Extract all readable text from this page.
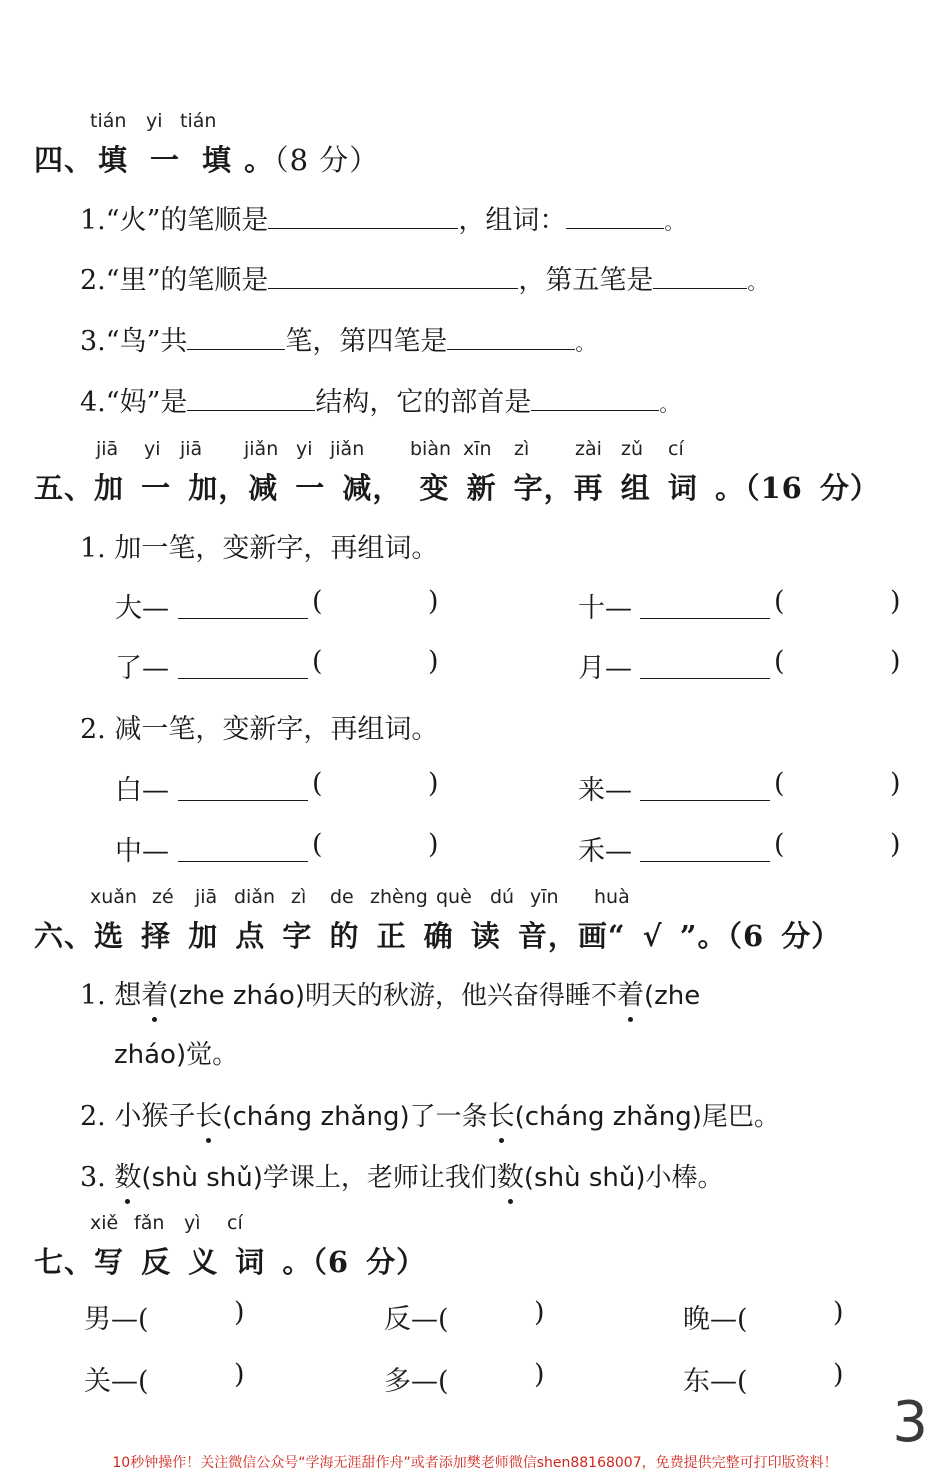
tián yi tián
四、 填 一 填 。（8 分）
1.“火”的笔顺是	，组词：	。
2.“里”的笔顺是	，第五笔是	。
3.“鸟”共	笔，第四笔是	。
4.“妈”是	结构，它的部首是	。
jiā yi jiā jiǎn yi jiǎn biàn xīn zì zài zǔ cí
五、加 一 加，减 一 减， 变 新 字，再 组 词 。（16 分）
1. 加一笔，变新字，再组词。
大—	(	)	十—	(	)
了—	(	)	月—	(	)
2. 减一笔，变新字，再组词。
白—	(	)	来—	(	)
中—	(	)	禾—	(	)
xuǎn zé jiā diǎn zì de zhèng què dú yīn huà
六、选 择 加 点 字 的 正 确 读 音，画“ √ ”。（6 分）
1. 想着(zhe zháo)明天的秋游，他兴奋得睡不着(zhe
zháo)觉。
2. 小猴子长(cháng zhǎng)了一条长(cháng zhǎng)尾巴。
3. 数(shù shǔ)学课上，老师让我们数(shù shǔ)小棒。
xiě fǎn yì cí
七、写 反 义 词 。（6 分）
男—(	)	反—(	)	晚—(	)
关—(	)	多—(	)	东—(	)
3
10秒钟操作！关注微信公众号“学海无涯甜作舟”或者添加樊老师微信shen88168007，免费提供完整可打印版资料！
